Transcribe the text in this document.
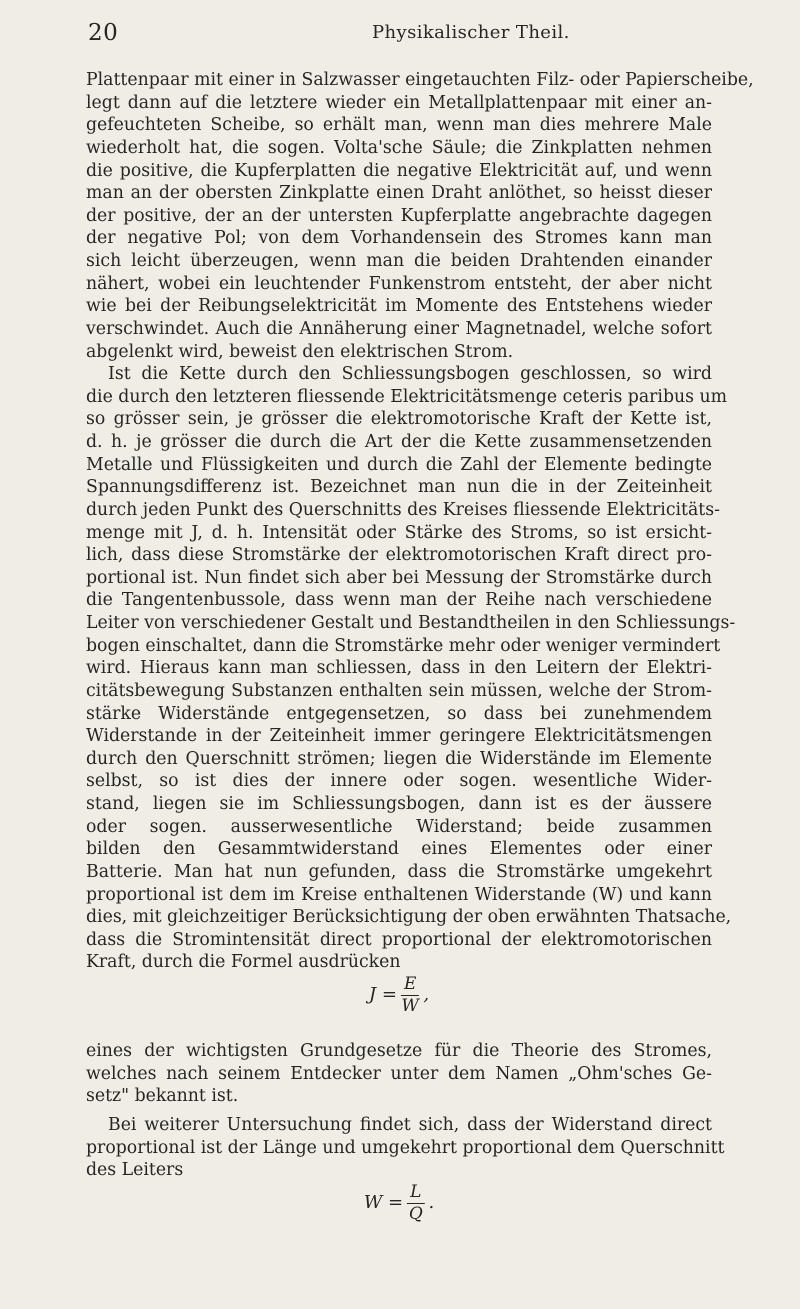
20	Physikalischer Theil.
Plattenpaar mit einer in Salzwasser eingetauchten Filz- oder Papierscheibe,
legt dann auf die letztere wieder ein Metallplattenpaar mit einer an-
gefeuchteten Scheibe, so erhält man, wenn man dies mehrere Male
wiederholt hat, die sogen. Volta'sche Säule; die Zinkplatten nehmen
die positive, die Kupferplatten die negative Elektricität auf, und wenn
man an der obersten Zinkplatte einen Draht anlöthet, so heisst dieser
der positive, der an der untersten Kupferplatte angebrachte dagegen
der negative Pol; von dem Vorhandensein des Stromes kann man
sich leicht überzeugen, wenn man die beiden Drahtenden einander
nähert, wobei ein leuchtender Funkenstrom entsteht, der aber nicht
wie bei der Reibungselektricität im Momente des Entstehens wieder
verschwindet. Auch die Annäherung einer Magnetnadel, welche sofort
abgelenkt wird, beweist den elektrischen Strom.
Ist die Kette durch den Schliessungsbogen geschlossen, so wird
die durch den letzteren fliessende Elektricitätsmenge ceteris paribus um
so grösser sein, je grösser die elektromotorische Kraft der Kette ist,
d. h. je grösser die durch die Art der die Kette zusammensetzenden
Metalle und Flüssigkeiten und durch die Zahl der Elemente bedingte
Spannungsdifferenz ist. Bezeichnet man nun die in der Zeiteinheit
durch jeden Punkt des Querschnitts des Kreises fliessende Elektricitäts-
menge mit J, d. h. Intensität oder Stärke des Stroms, so ist ersicht-
lich, dass diese Stromstärke der elektromotorischen Kraft direct pro-
portional ist. Nun findet sich aber bei Messung der Stromstärke durch
die Tangentenbussole, dass wenn man der Reihe nach verschiedene
Leiter von verschiedener Gestalt und Bestandtheilen in den Schliessungs-
bogen einschaltet, dann die Stromstärke mehr oder weniger vermindert
wird. Hieraus kann man schliessen, dass in den Leitern der Elektri-
citätsbewegung Substanzen enthalten sein müssen, welche der Strom-
stärke Widerstände entgegensetzen, so dass bei zunehmendem
Widerstande in der Zeiteinheit immer geringere Elektricitätsmengen
durch den Querschnitt strömen; liegen die Widerstände im Elemente
selbst, so ist dies der innere oder sogen. wesentliche Wider-
stand, liegen sie im Schliessungsbogen, dann ist es der äussere
oder sogen. ausserwesentliche Widerstand; beide zusammen
bilden den Gesammtwiderstand eines Elementes oder einer
Batterie. Man hat nun gefunden, dass die Stromstärke umgekehrt
proportional ist dem im Kreise enthaltenen Widerstande (W) und kann
dies, mit gleichzeitiger Berücksichtigung der oben erwähnten Thatsache,
dass die Stromintensität direct proportional der elektromotorischen
Kraft, durch die Formel ausdrücken
$J = \frac{E}{W}$ ,
eines der wichtigsten Grundgesetze für die Theorie des Stromes,
welches nach seinem Entdecker unter dem Namen „Ohm'sches Ge-
setz" bekannt ist.
Bei weiterer Untersuchung findet sich, dass der Widerstand direct
proportional ist der Länge und umgekehrt proportional dem Querschnitt
des Leiters
$W = \frac{L}{Q}$ .
